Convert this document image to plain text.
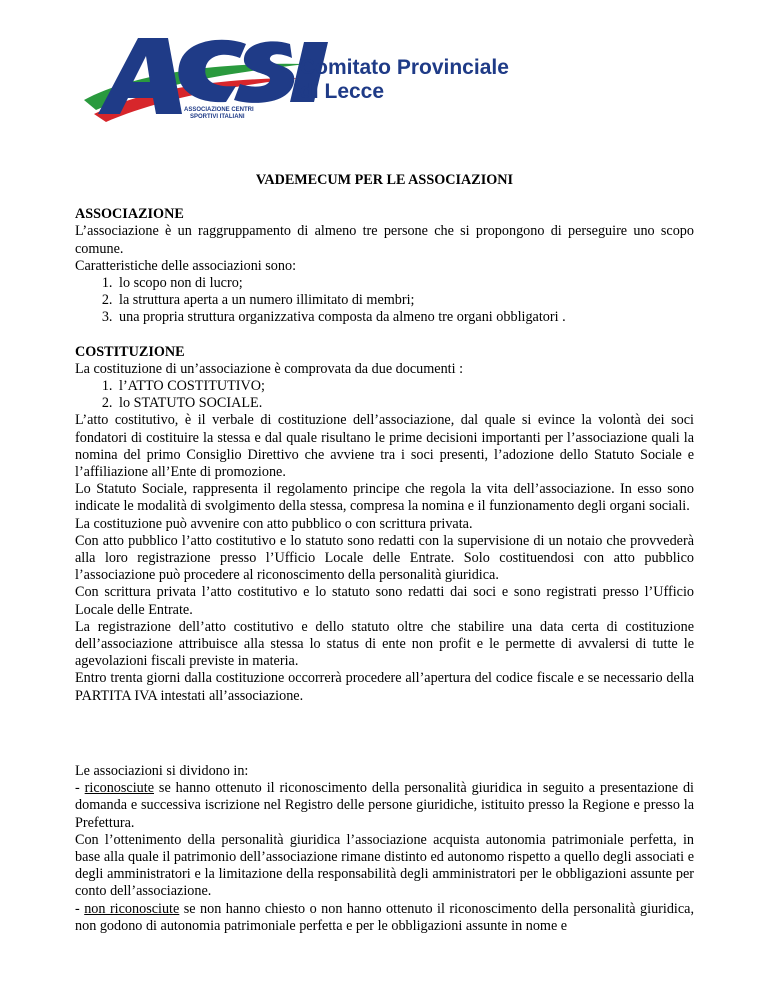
ASSOCIAZIONE CENTRI
SPORTIVI ITALIANI
Comitato Provinciale
di Lecce
VADEMECUM PER LE ASSOCIAZIONI
ASSOCIAZIONE
L’associazione è un raggruppamento di almeno tre persone che si propongono di perseguire uno scopo comune.
Caratteristiche delle associazioni sono:
1. lo scopo non di lucro;
2. la struttura aperta a un numero illimitato di membri;
3. una propria struttura organizzativa composta da almeno tre organi obbligatori .
COSTITUZIONE
La costituzione di un’associazione è comprovata da due documenti :
1. l’ATTO COSTITUTIVO;
2. lo STATUTO SOCIALE.
L’atto costitutivo, è il verbale di costituzione dell’associazione, dal quale si evince la volontà dei soci fondatori di costituire la stessa e dal quale risultano le prime decisioni importanti per l’associazione quali la nomina del primo Consiglio Direttivo che avviene tra i soci presenti, l’adozione dello Statuto Sociale e l’affiliazione all’Ente di promozione.
Lo Statuto Sociale, rappresenta il regolamento principe che regola la vita dell’associazione. In esso sono indicate le modalità di svolgimento della stessa, compresa la nomina e il funzionamento degli organi sociali.
La costituzione può avvenire con atto pubblico o con scrittura privata.
Con atto pubblico l’atto costitutivo e lo statuto sono redatti con la supervisione di un notaio che provvederà alla loro registrazione presso l’Ufficio Locale delle Entrate. Solo costituendosi con atto pubblico l’associazione può procedere al riconoscimento della personalità giuridica.
Con scrittura privata l’atto costitutivo e lo statuto sono redatti dai soci e sono registrati presso l’Ufficio Locale delle Entrate.
La registrazione dell’atto costitutivo e dello statuto oltre che stabilire una data certa di costituzione dell’associazione attribuisce alla stessa lo status di ente non profit e le permette di avvalersi di tutte le agevolazioni fiscali previste in materia.
Entro trenta giorni dalla costituzione occorrerà procedere all’apertura del codice fiscale e se necessario della PARTITA IVA intestati all’associazione.
Le associazioni si dividono in:
- riconosciute se hanno ottenuto il riconoscimento della personalità giuridica in seguito a presentazione di domanda e successiva iscrizione nel Registro delle persone giuridiche, istituito presso la Regione e presso la Prefettura.
Con l’ottenimento della personalità giuridica l’associazione acquista autonomia patrimoniale perfetta, in base alla quale il patrimonio dell’associazione rimane distinto ed autonomo rispetto a quello degli associati e degli amministratori e la limitazione della responsabilità degli amministratori per le obbligazioni assunte per conto dell’associazione.
- non riconosciute se non hanno chiesto o non hanno ottenuto il riconoscimento della personalità giuridica, non godono di autonomia patrimoniale perfetta e per le obbligazioni assunte in nome e
